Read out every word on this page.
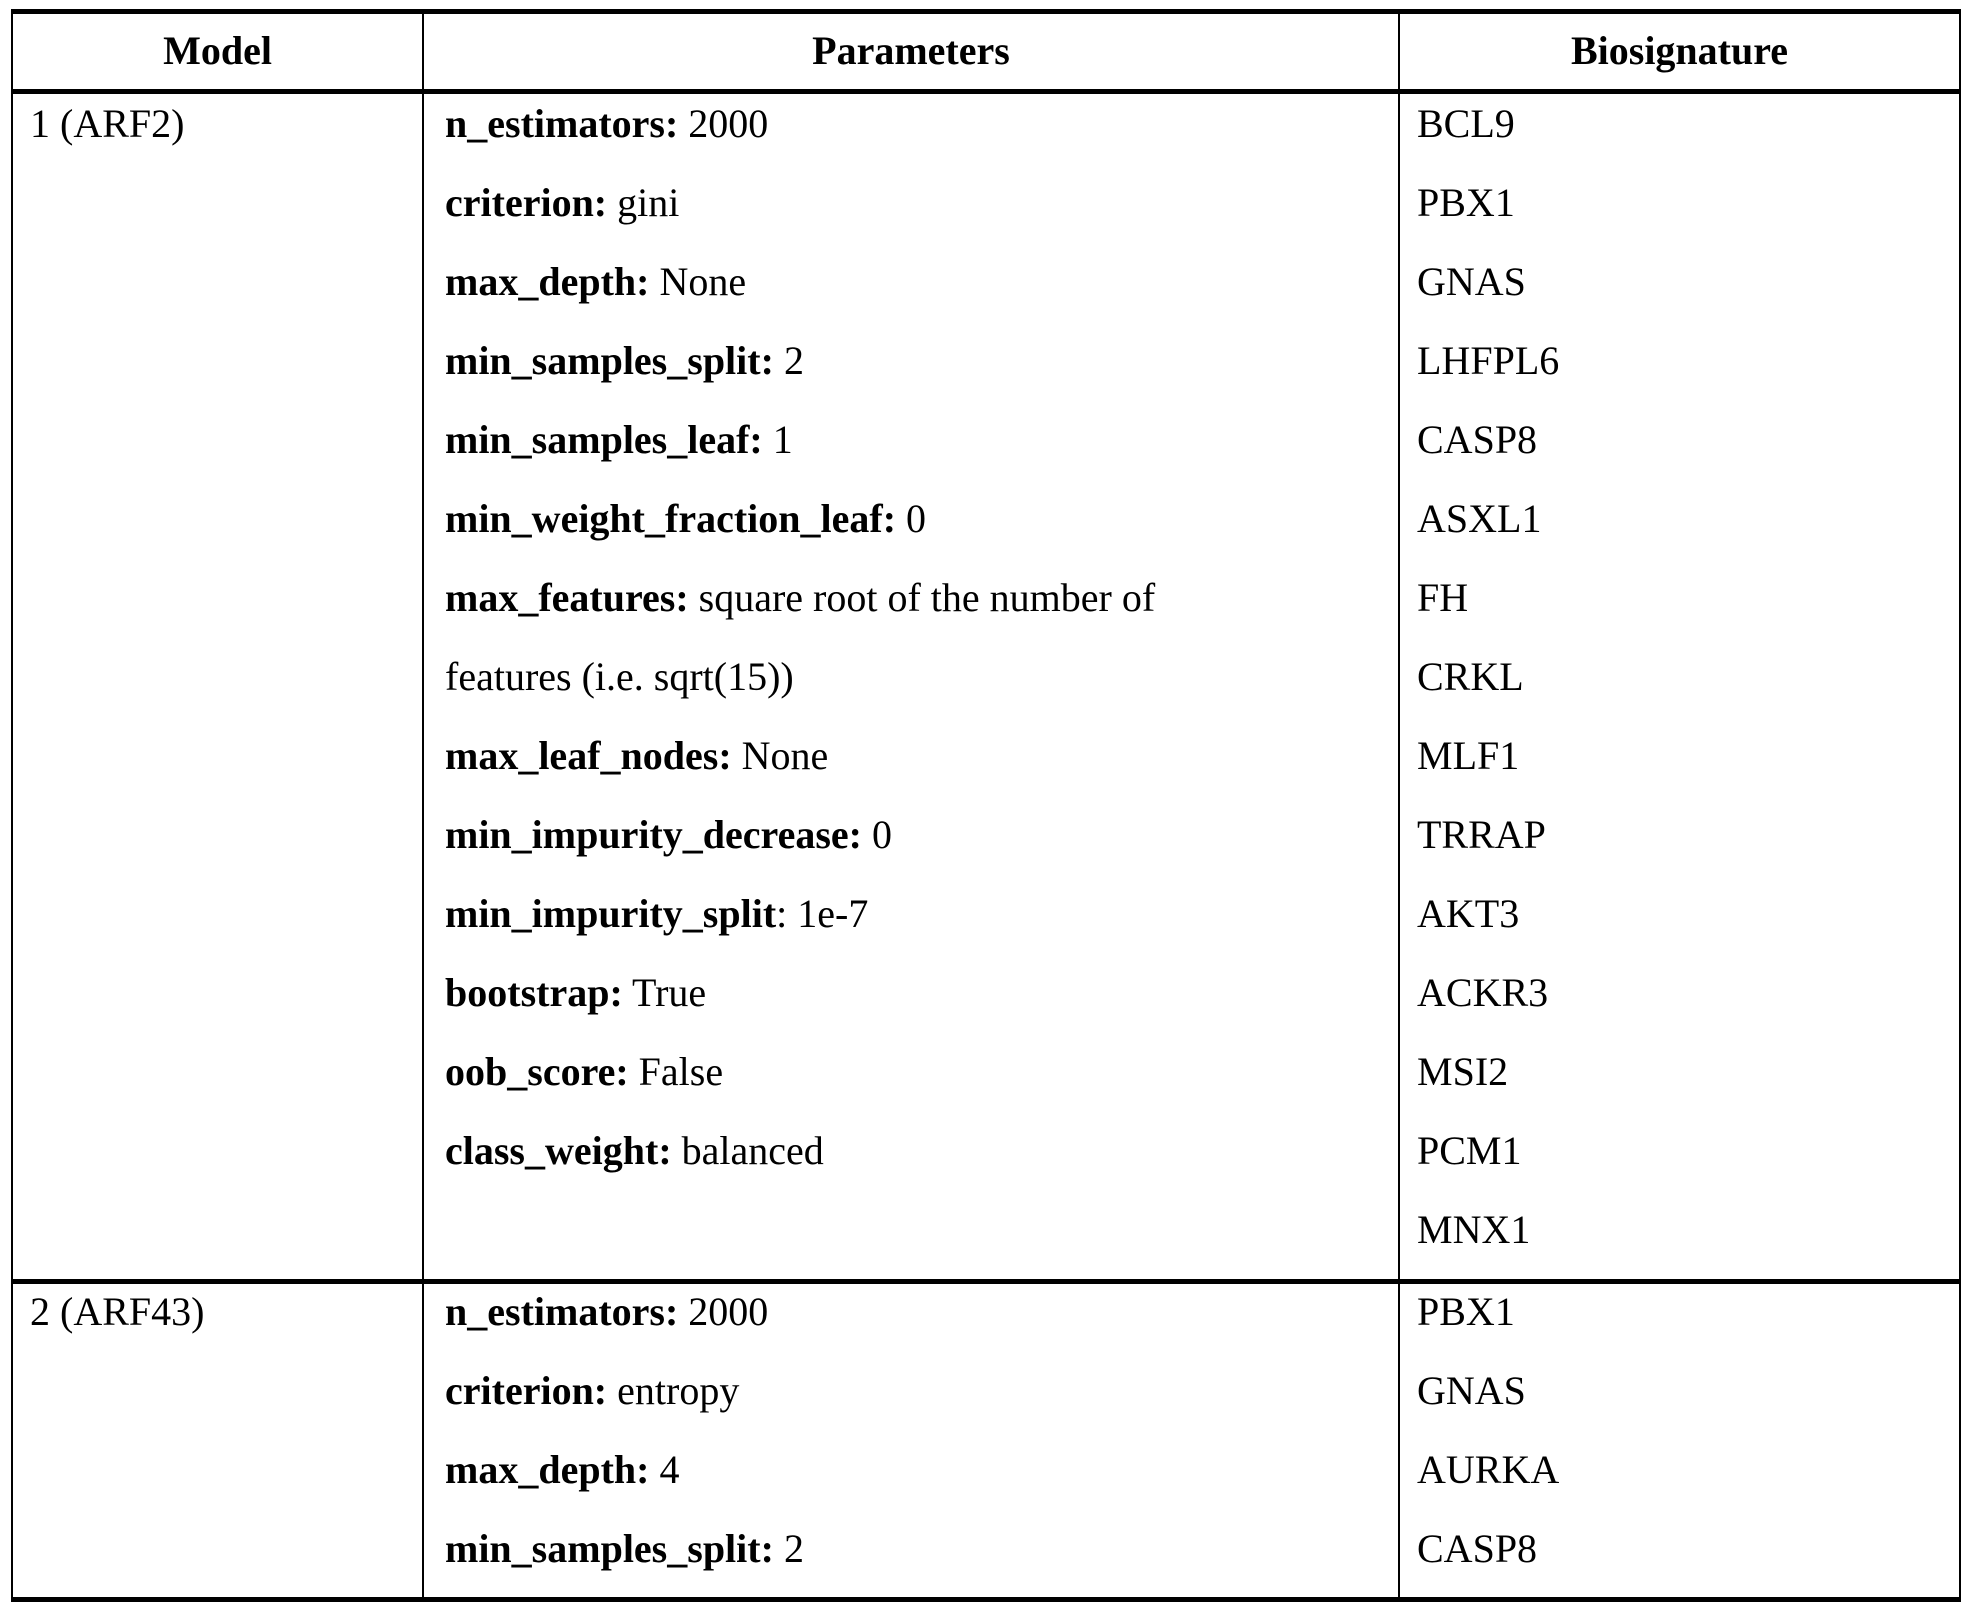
Model	Parameters	Biosignature
1 (ARF2)	n_estimators: 2000
criterion: gini
max_depth: None
min_samples_split: 2
min_samples_leaf: 1
min_weight_fraction_leaf: 0
max_features: square root of the number of
features (i.e. sqrt(15))
max_leaf_nodes: None
min_impurity_decrease: 0
min_impurity_split: 1e-7
bootstrap: True
oob_score: False
class_weight: balanced
BCL9
PBX1
GNAS
LHFPL6
CASP8
ASXL1
FH
CRKL
MLF1
TRRAP
AKT3
ACKR3
MSI2
PCM1
MNX1
2 (ARF43)	n_estimators: 2000
criterion: entropy
max_depth: 4
min_samples_split: 2
PBX1
GNAS
AURKA
CASP8
